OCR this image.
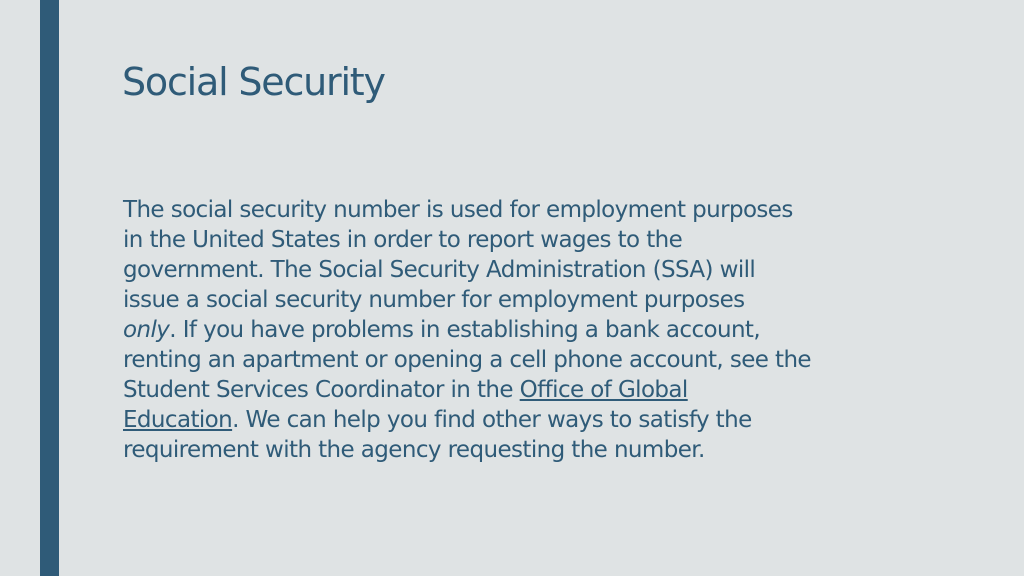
Social Security

The social security number is used for employment purposes
in the United States in order to report wages to the
government. The Social Security Administration (SSA) will
issue a social security number for employment purposes
only. If you have problems in establishing a bank account,
renting an apartment or opening a cell phone account, see the
Student Services Coordinator in the Office of Global
Education. We can help you find other ways to satisfy the
requirement with the agency requesting the number.
